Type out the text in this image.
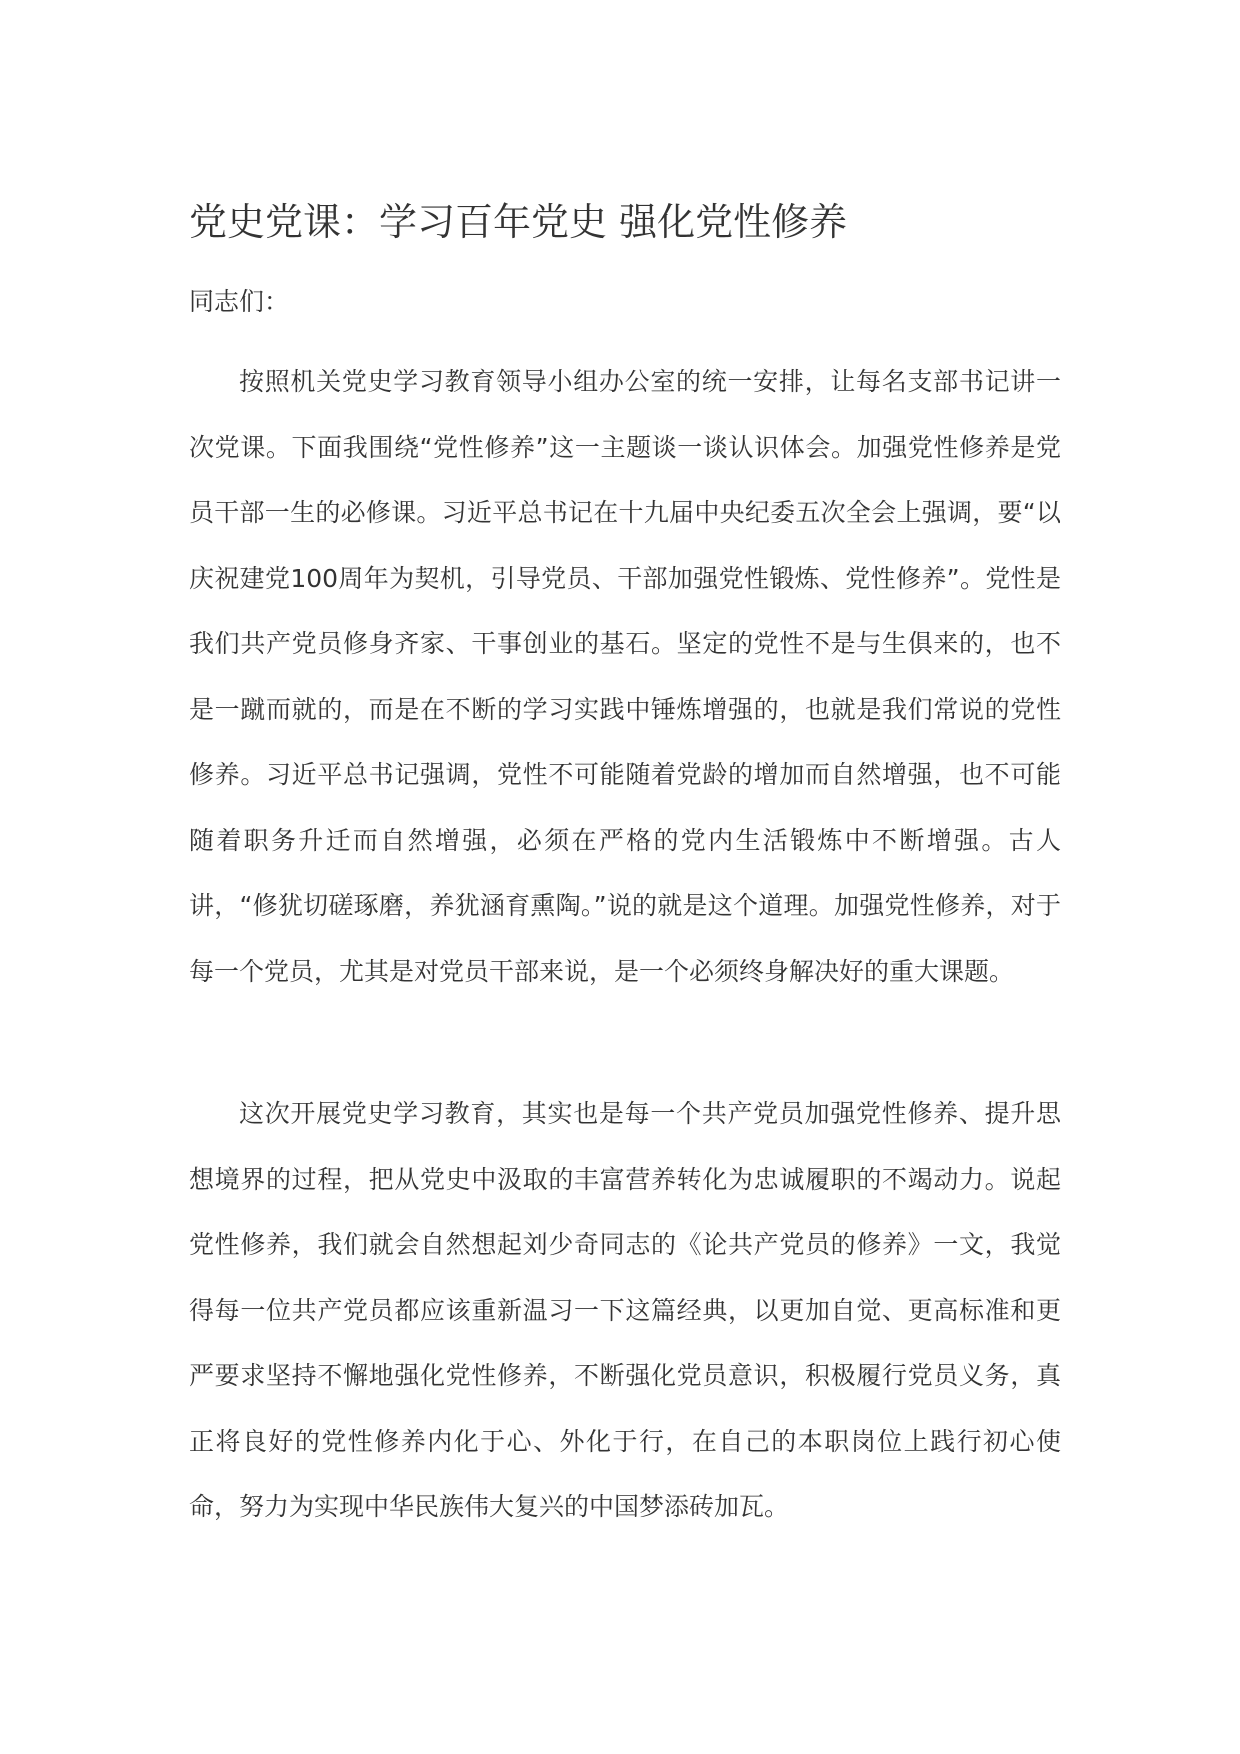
党史党课：学习百年党史 强化党性修养

同志们：

按照机关党史学习教育领导小组办公室的统一安排，让每名支部书记讲一次党课。下面我围绕“党性修养”这一主题谈一谈认识体会。加强党性修养是党员干部一生的必修课。习近平总书记在十九届中央纪委五次全会上强调，要“以庆祝建党100周年为契机，引导党员、干部加强党性锻炼、党性修养”。党性是我们共产党员修身齐家、干事创业的基石。坚定的党性不是与生俱来的，也不是一蹴而就的，而是在不断的学习实践中锤炼增强的，也就是我们常说的党性修养。习近平总书记强调，党性不可能随着党龄的增加而自然增强，也不可能随着职务升迁而自然增强，必须在严格的党内生活锻炼中不断增强。古人讲，“修犹切磋琢磨，养犹涵育熏陶。”说的就是这个道理。加强党性修养，对于每一个党员，尤其是对党员干部来说，是一个必须终身解决好的重大课题。

这次开展党史学习教育，其实也是每一个共产党员加强党性修养、提升思想境界的过程，把从党史中汲取的丰富营养转化为忠诚履职的不竭动力。说起党性修养，我们就会自然想起刘少奇同志的《论共产党员的修养》一文，我觉得每一位共产党员都应该重新温习一下这篇经典，以更加自觉、更高标准和更严要求坚持不懈地强化党性修养，不断强化党员意识，积极履行党员义务，真正将良好的党性修养内化于心、外化于行，在自己的本职岗位上践行初心使命，努力为实现中华民族伟大复兴的中国梦添砖加瓦。
